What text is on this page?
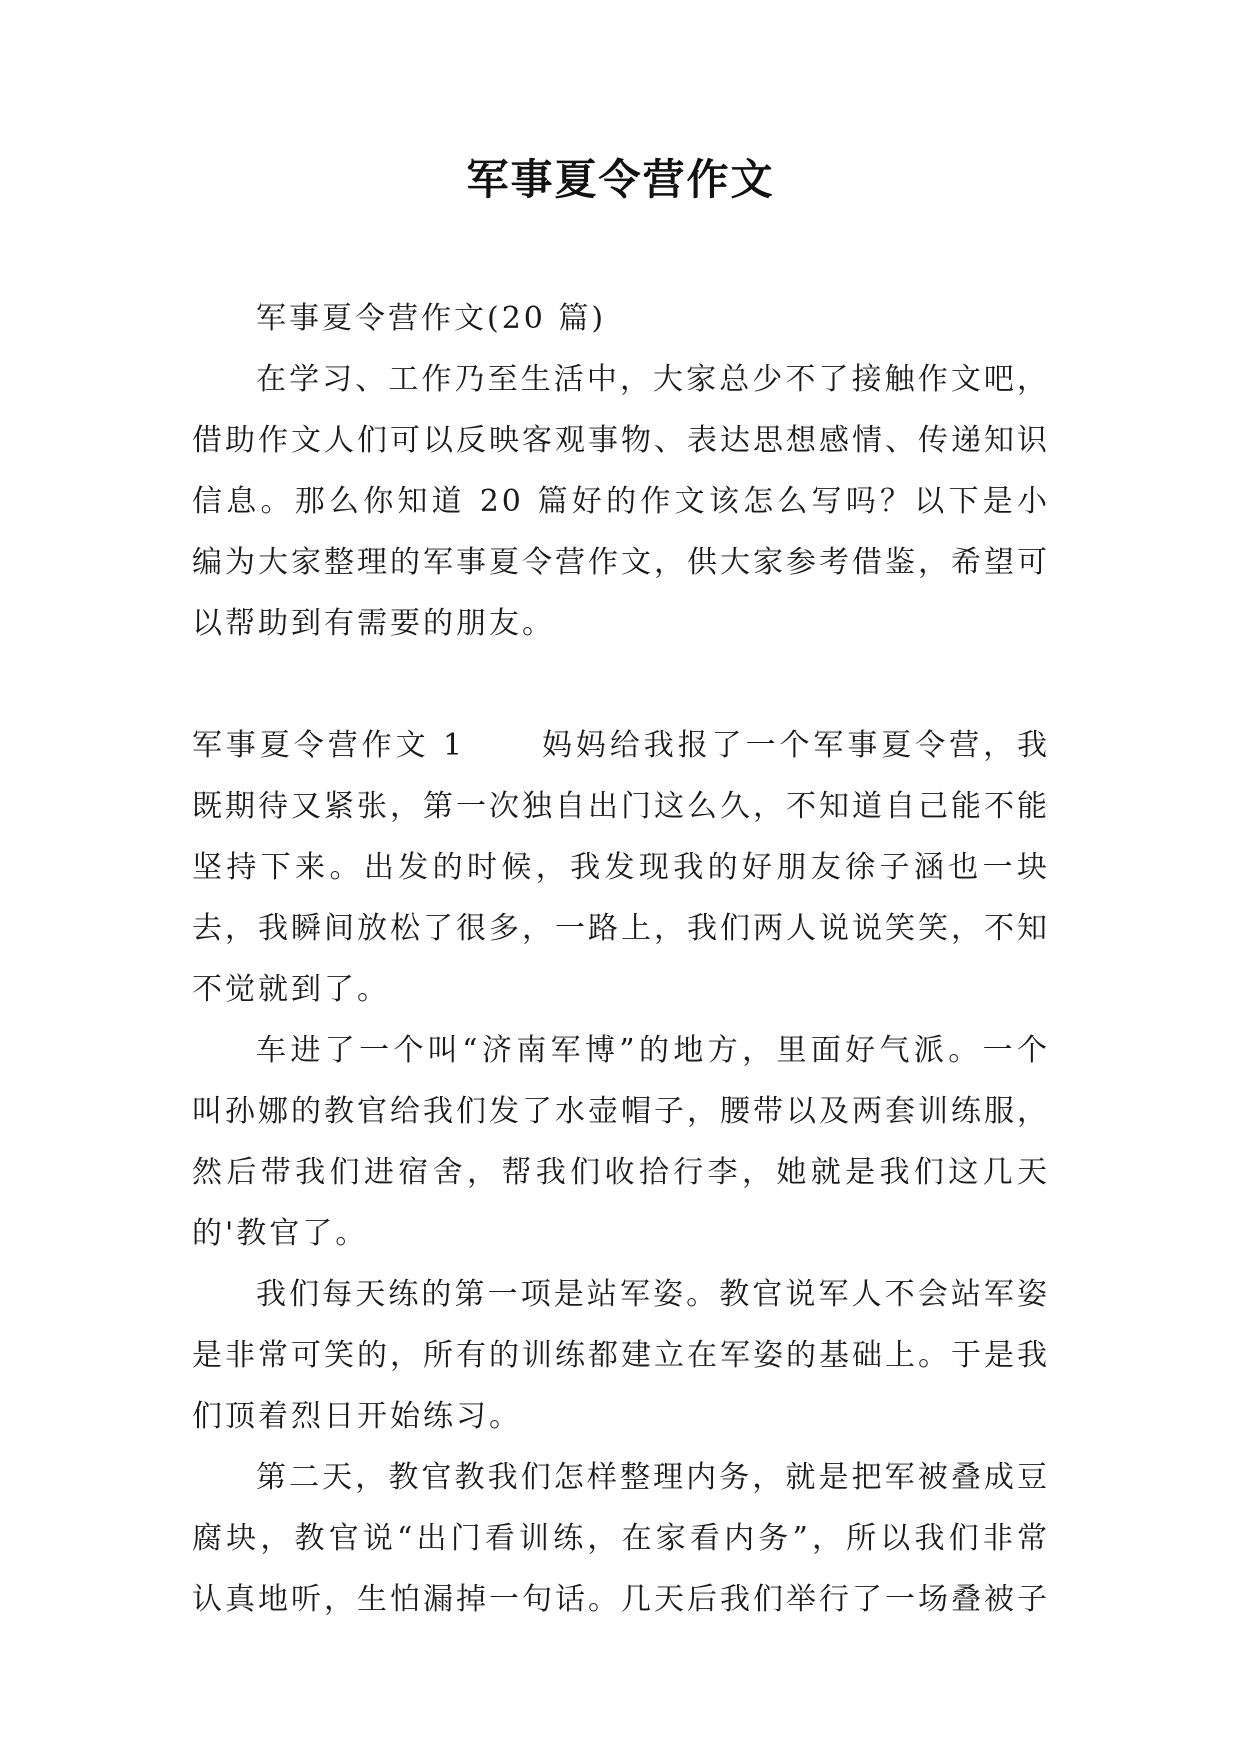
军事夏令营作文

军事夏令营作文(20 篇)

在学习、工作乃至生活中，大家总少不了接触作文吧，借助作文人们可以反映客观事物、表达思想感情、传递知识信息。那么你知道 20 篇好的作文该怎么写吗？以下是小编为大家整理的军事夏令营作文，供大家参考借鉴，希望可以帮助到有需要的朋友。

军事夏令营作文 1	妈妈给我报了一个军事夏令营，我既期待又紧张，第一次独自出门这么久，不知道自己能不能坚持下来。出发的时候，我发现我的好朋友徐子涵也一块去，我瞬间放松了很多，一路上，我们两人说说笑笑，不知不觉就到了。

车进了一个叫“济南军博”的地方，里面好气派。一个叫孙娜的教官给我们发了水壶帽子，腰带以及两套训练服，然后带我们进宿舍，帮我们收拾行李，她就是我们这几天的'教官了。

我们每天练的第一项是站军姿。教官说军人不会站军姿是非常可笑的，所有的训练都建立在军姿的基础上。于是我们顶着烈日开始练习。

第二天，教官教我们怎样整理内务，就是把军被叠成豆腐块，教官说“出门看训练，在家看内务”，所以我们非常认真地听，生怕漏掉一句话。几天后我们举行了一场叠被子
